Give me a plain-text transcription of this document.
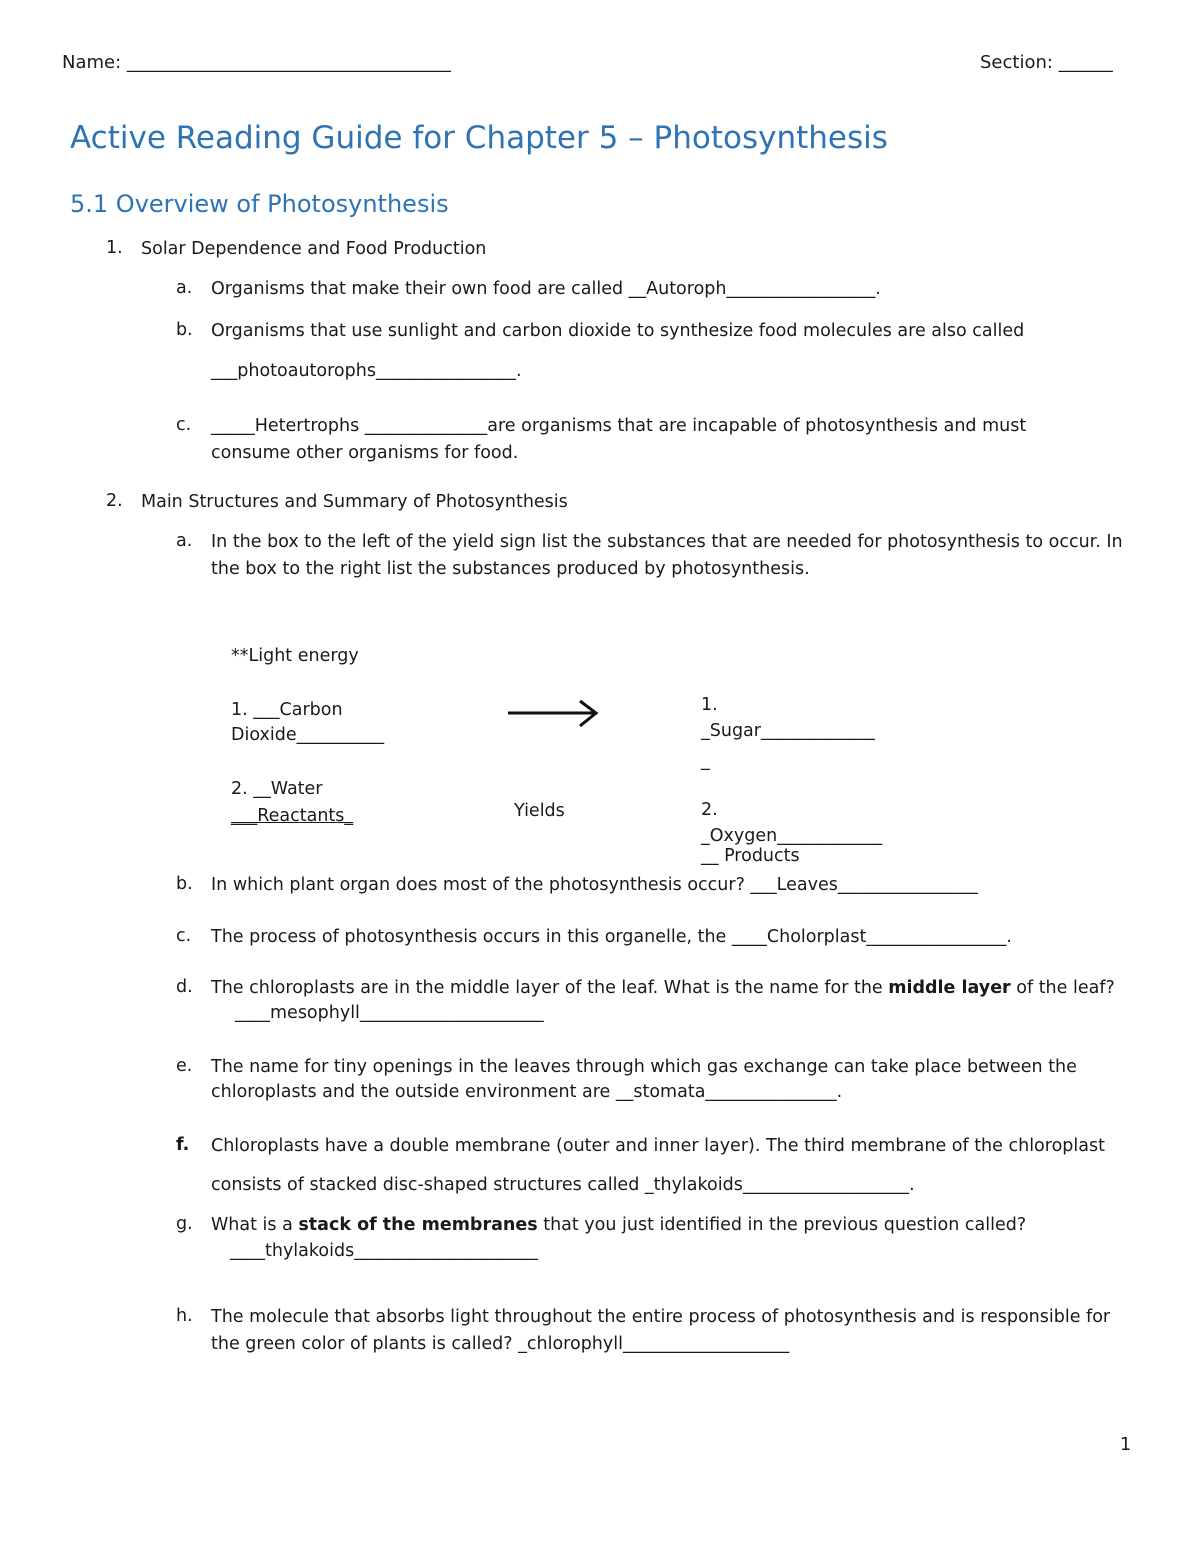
Name: ____________________________________	Section: ______
Active Reading Guide for Chapter 5 – Photosynthesis
5.1 Overview of Photosynthesis
1. Solar Dependence and Food Production
a. Organisms that make their own food are called __Autoroph_________________.
b. Organisms that use sunlight and carbon dioxide to synthesize food molecules are also called
___photoautorophs________________.
c. _____Hetertrophs ______________are organisms that are incapable of photosynthesis and must
consume other organisms for food.
2. Main Structures and Summary of Photosynthesis
a. In the box to the left of the yield sign list the substances that are needed for photosynthesis to occur. In
the box to the right list the substances produced by photosynthesis.
**Light energy
1. ___Carbon
Dioxide__________
2. __Water
___Reactants_	Yields
1.
_Sugar_____________
_
2.
_Oxygen____________
__ Products
b. In which plant organ does most of the photosynthesis occur? ___Leaves________________
c. The process of photosynthesis occurs in this organelle, the ____Cholorplast________________.
d. The chloroplasts are in the middle layer of the leaf. What is the name for the middle layer of the leaf?
____mesophyll_____________________
e. The name for tiny openings in the leaves through which gas exchange can take place between the
chloroplasts and the outside environment are __stomata_______________.
f. Chloroplasts have a double membrane (outer and inner layer). The third membrane of the chloroplast
consists of stacked disc-shaped structures called _thylakoids___________________.
g. What is a stack of the membranes that you just identified in the previous question called?
____thylakoids_____________________
h. The molecule that absorbs light throughout the entire process of photosynthesis and is responsible for
the green color of plants is called? _chlorophyll___________________
1
